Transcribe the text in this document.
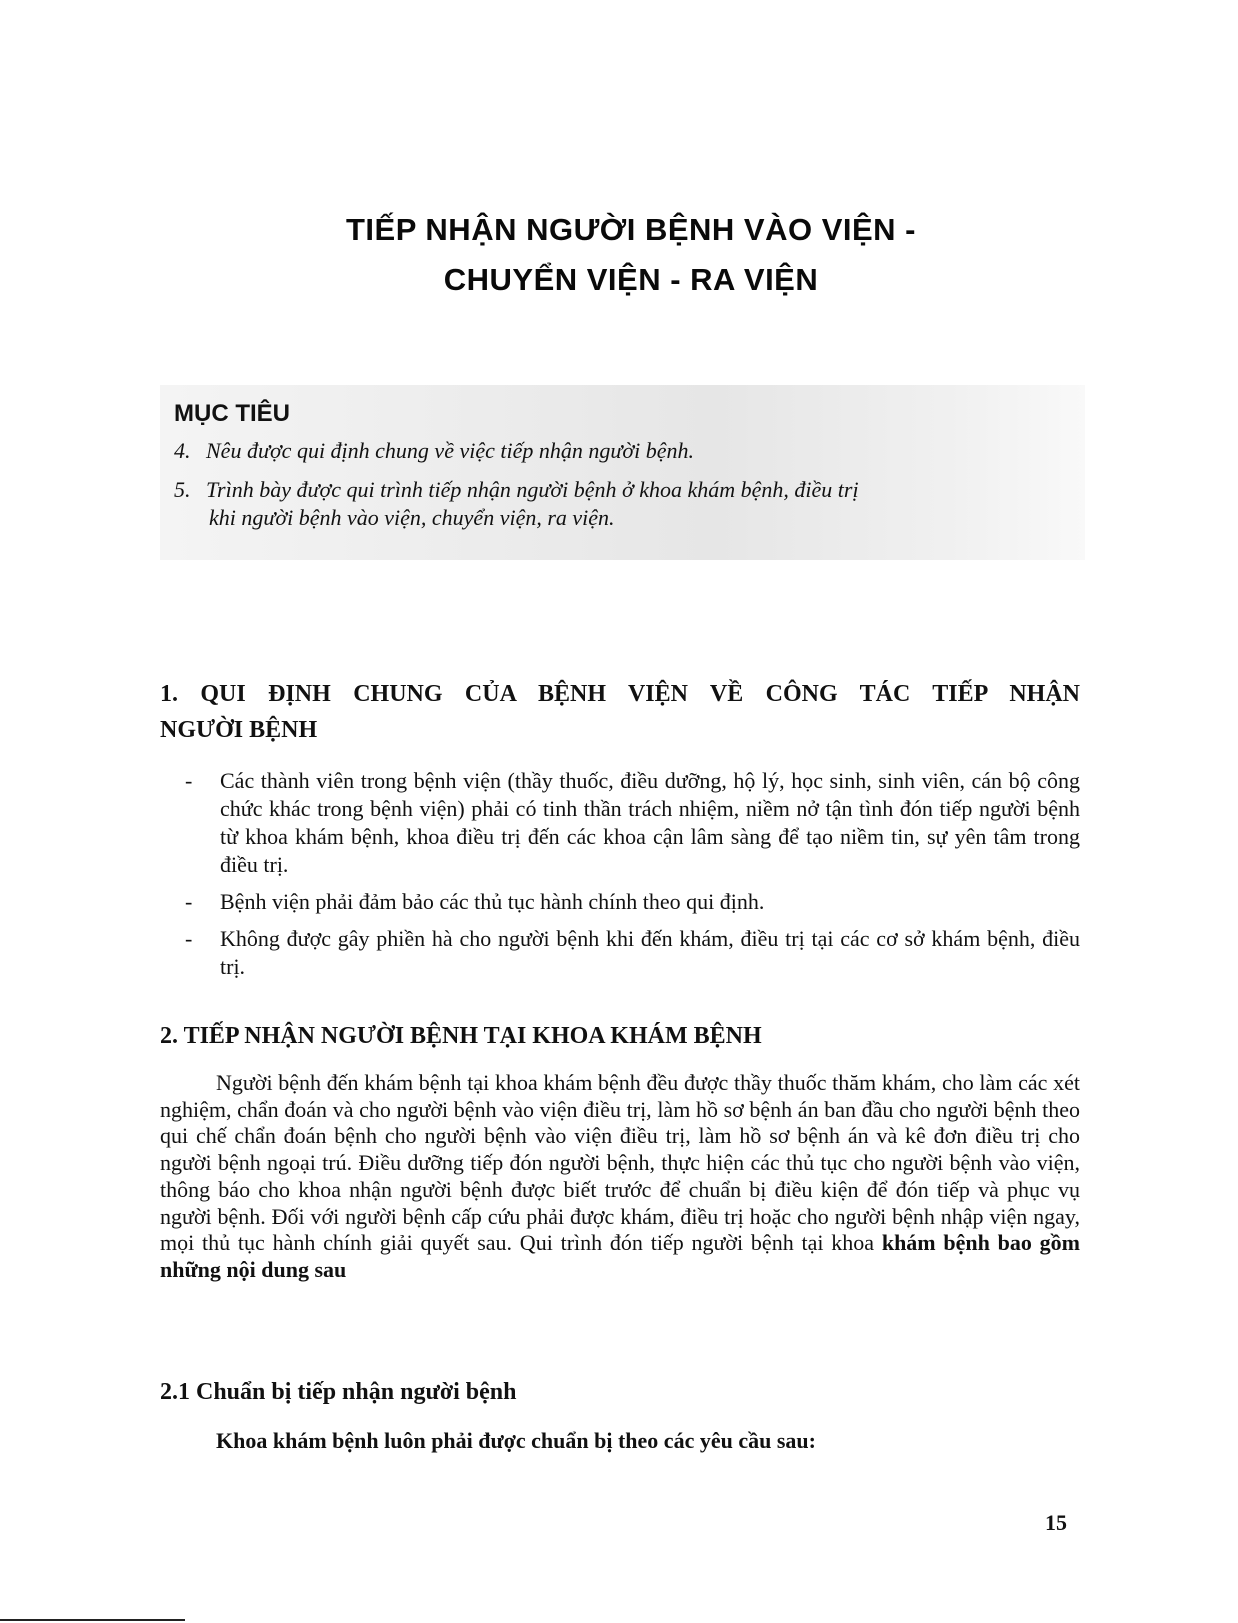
TIẾP NHẬN NGƯỜI BỆNH VÀO VIỆN -
CHUYỂN VIỆN - RA VIỆN
MỤC TIÊU
4. Nêu được qui định chung về việc tiếp nhận người bệnh.
5. Trình bày được qui trình tiếp nhận người bệnh ở khoa khám bệnh, điều trị
khi người bệnh vào viện, chuyển viện, ra viện.
1. QUI ĐỊNH CHUNG CỦA BỆNH VIỆN VỀ CÔNG TÁC TIẾP NHẬN
NGƯỜI BỆNH
-	Các thành viên trong bệnh viện (thầy thuốc, điều dưỡng, hộ lý, học sinh, sinh viên, cán bộ công chức khác trong bệnh viện) phải có tinh thần trách nhiệm, niềm nở tận tình đón tiếp người bệnh từ khoa khám bệnh, khoa điều trị đến các khoa cận lâm sàng để tạo niềm tin, sự yên tâm trong điều trị.
-	Bệnh viện phải đảm bảo các thủ tục hành chính theo qui định.
-	Không được gây phiền hà cho người bệnh khi đến khám, điều trị tại các cơ sở khám bệnh, điều trị.
2. TIẾP NHẬN NGƯỜI BỆNH TẠI KHOA KHÁM BỆNH
Người bệnh đến khám bệnh tại khoa khám bệnh đều được thầy thuốc thăm khám, cho làm các xét nghiệm, chẩn đoán và cho người bệnh vào viện điều trị, làm hồ sơ bệnh án ban đầu cho người bệnh theo qui chế chẩn đoán bệnh cho người bệnh vào viện điều trị, làm hồ sơ bệnh án và kê đơn điều trị cho người bệnh ngoại trú. Điều dưỡng tiếp đón người bệnh, thực hiện các thủ tục cho người bệnh vào viện, thông báo cho khoa nhận người bệnh được biết trước để chuẩn bị điều kiện để đón tiếp và phục vụ người bệnh. Đối với người bệnh cấp cứu phải được khám, điều trị hoặc cho người bệnh nhập viện ngay, mọi thủ tục hành chính giải quyết sau. Qui trình đón tiếp người bệnh tại khoa khám bệnh bao gồm những nội dung sau
2.1 Chuẩn bị tiếp nhận người bệnh
Khoa khám bệnh luôn phải được chuẩn bị theo các yêu cầu sau:
15
